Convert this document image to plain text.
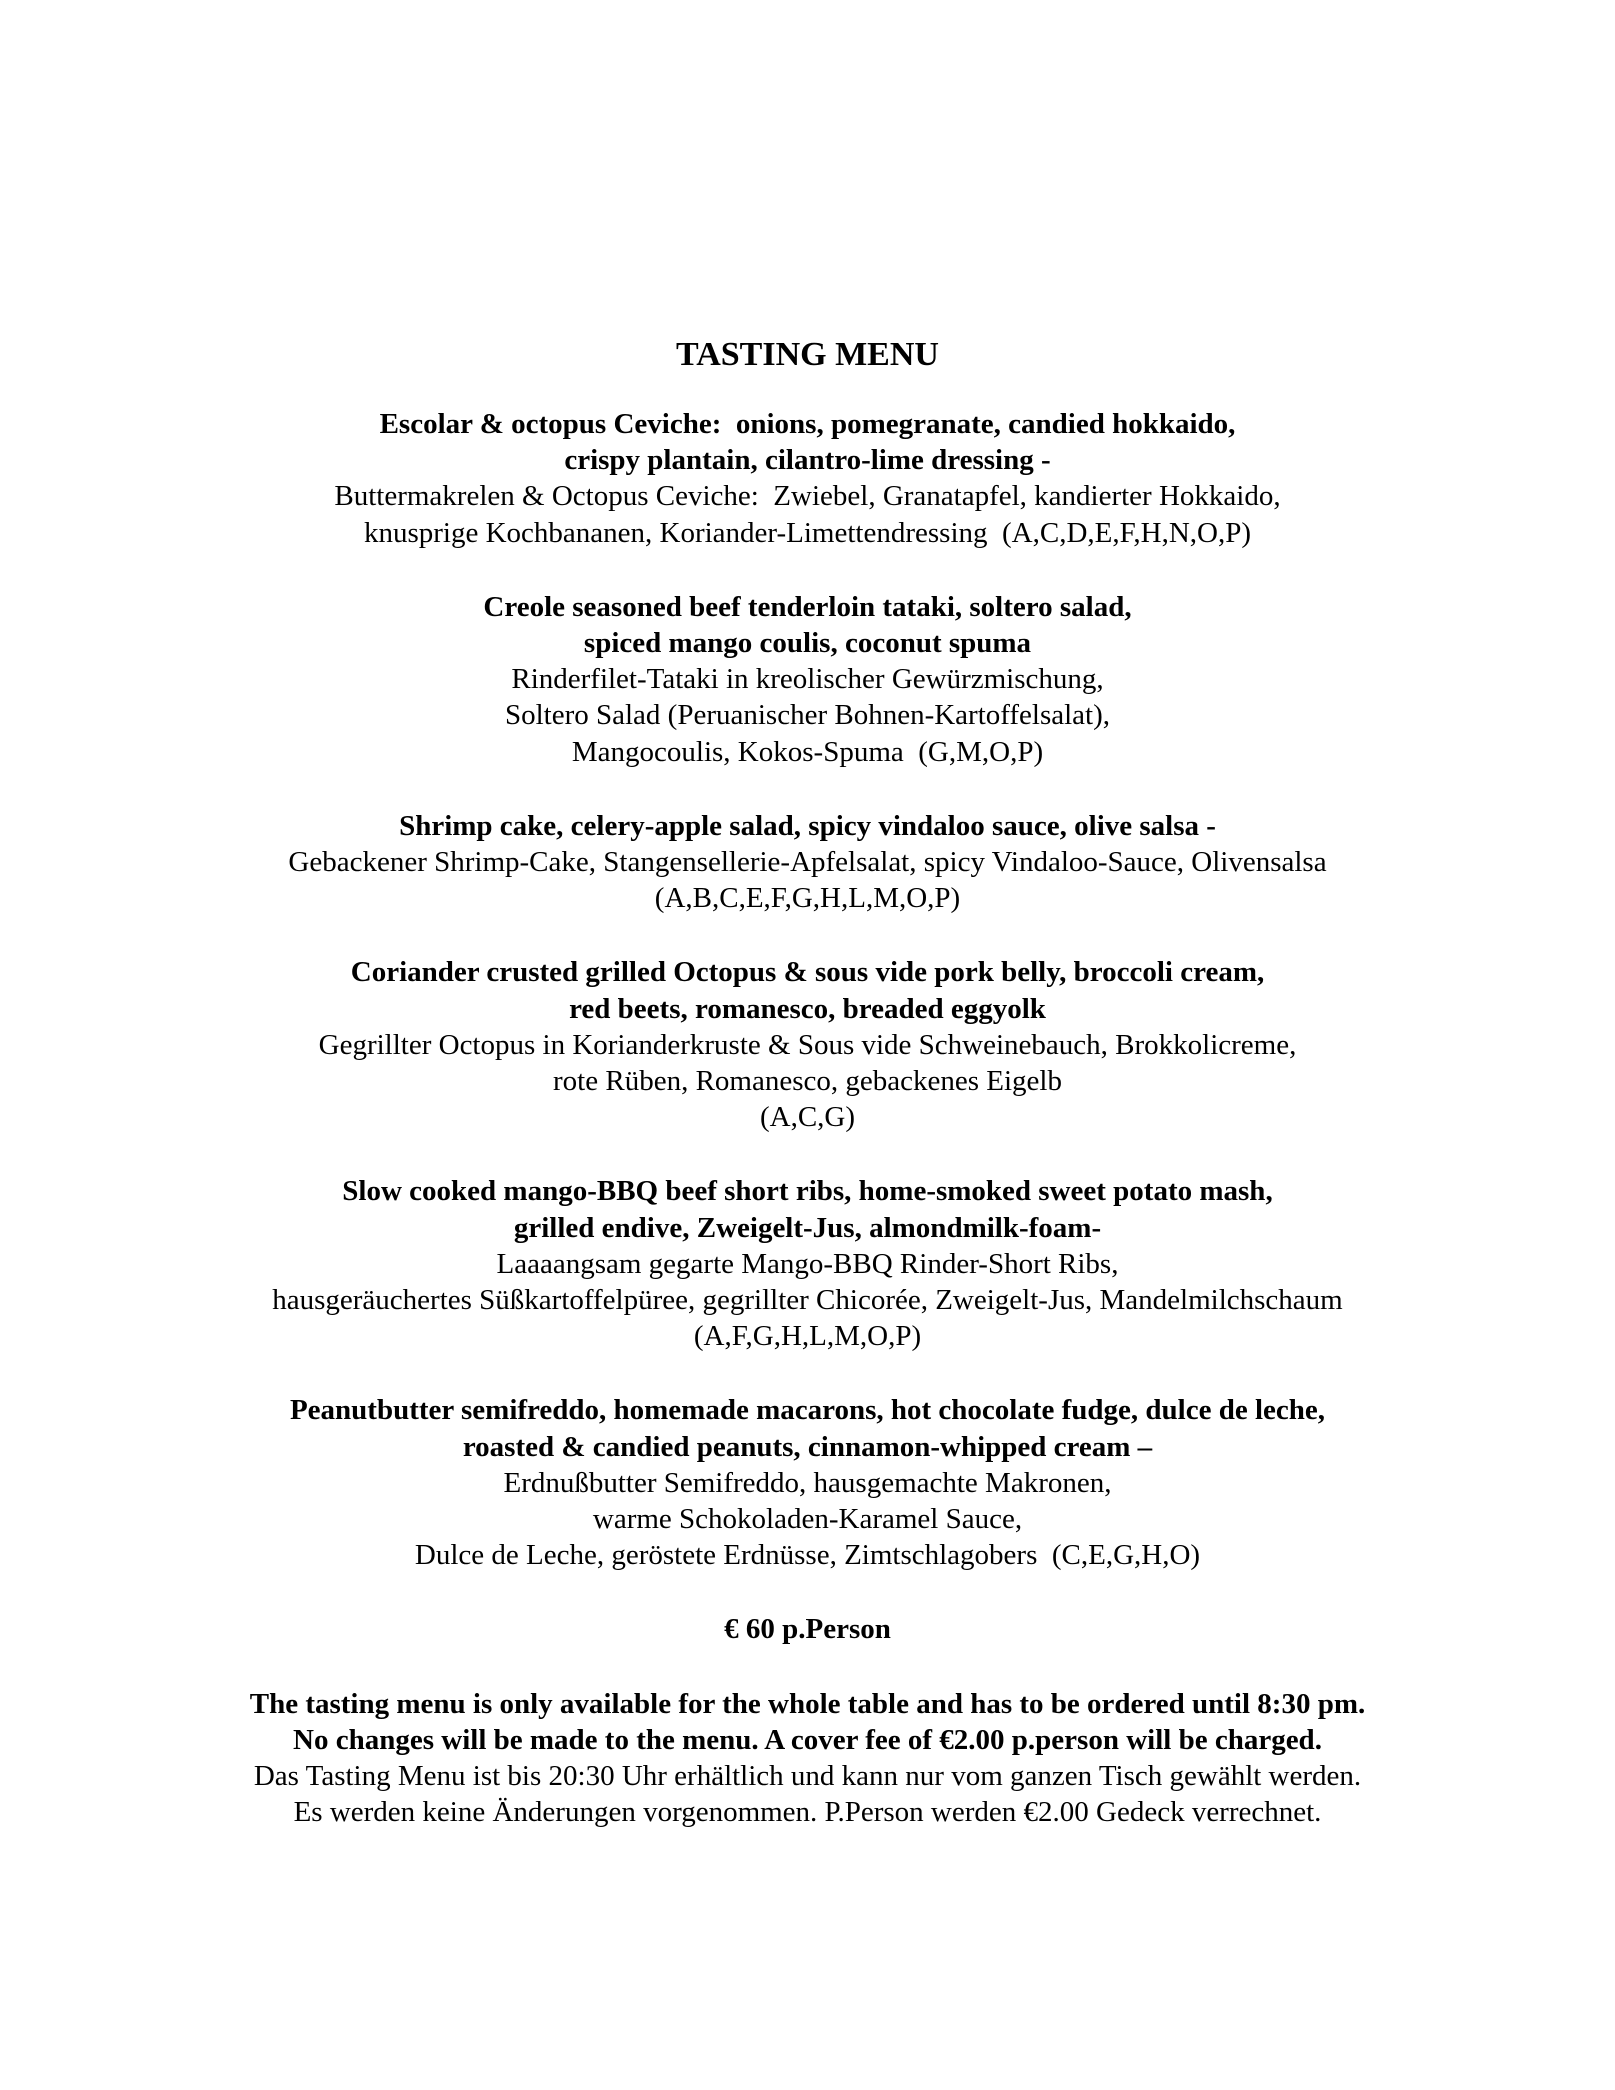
TASTING MENU
Escolar & octopus Ceviche:  onions, pomegranate, candied hokkaido,
crispy plantain, cilantro-lime dressing -
Buttermakrelen & Octopus Ceviche:  Zwiebel, Granatapfel, kandierter Hokkaido,
knusprige Kochbananen, Koriander-Limettendressing  (A,C,D,E,F,H,N,O,P)
Creole seasoned beef tenderloin tataki, soltero salad,
spiced mango coulis, coconut spuma
Rinderfilet-Tataki in kreolischer Gewürzmischung,
Soltero Salad (Peruanischer Bohnen-Kartoffelsalat),
Mangocoulis, Kokos-Spuma  (G,M,O,P)
Shrimp cake, celery-apple salad, spicy vindaloo sauce, olive salsa -
Gebackener Shrimp-Cake, Stangensellerie-Apfelsalat, spicy Vindaloo-Sauce, Olivensalsa
(A,B,C,E,F,G,H,L,M,O,P)
Coriander crusted grilled Octopus & sous vide pork belly, broccoli cream,
red beets, romanesco, breaded eggyolk
Gegrillter Octopus in Korianderkruste & Sous vide Schweinebauch, Brokkolicreme,
rote Rüben, Romanesco, gebackenes Eigelb
(A,C,G)
Slow cooked mango-BBQ beef short ribs, home-smoked sweet potato mash,
grilled endive, Zweigelt-Jus, almondmilk-foam-
Laaaangsam gegarte Mango-BBQ Rinder-Short Ribs,
hausgeräuchertes Süßkartoffelpüree, gegrillter Chicorée, Zweigelt-Jus, Mandelmilchschaum
(A,F,G,H,L,M,O,P)
Peanutbutter semifreddo, homemade macarons, hot chocolate fudge, dulce de leche,
roasted & candied peanuts, cinnamon-whipped cream –
Erdnußbutter Semifreddo, hausgemachte Makronen,
warme Schokoladen-Karamel Sauce,
Dulce de Leche, geröstete Erdnüsse, Zimtschlagobers  (C,E,G,H,O)
€ 60 p.Person
The tasting menu is only available for the whole table and has to be ordered until 8:30 pm.
No changes will be made to the menu. A cover fee of €2.00 p.person will be charged.
Das Tasting Menu ist bis 20:30 Uhr erhältlich und kann nur vom ganzen Tisch gewählt werden.
Es werden keine Änderungen vorgenommen. P.Person werden €2.00 Gedeck verrechnet.
